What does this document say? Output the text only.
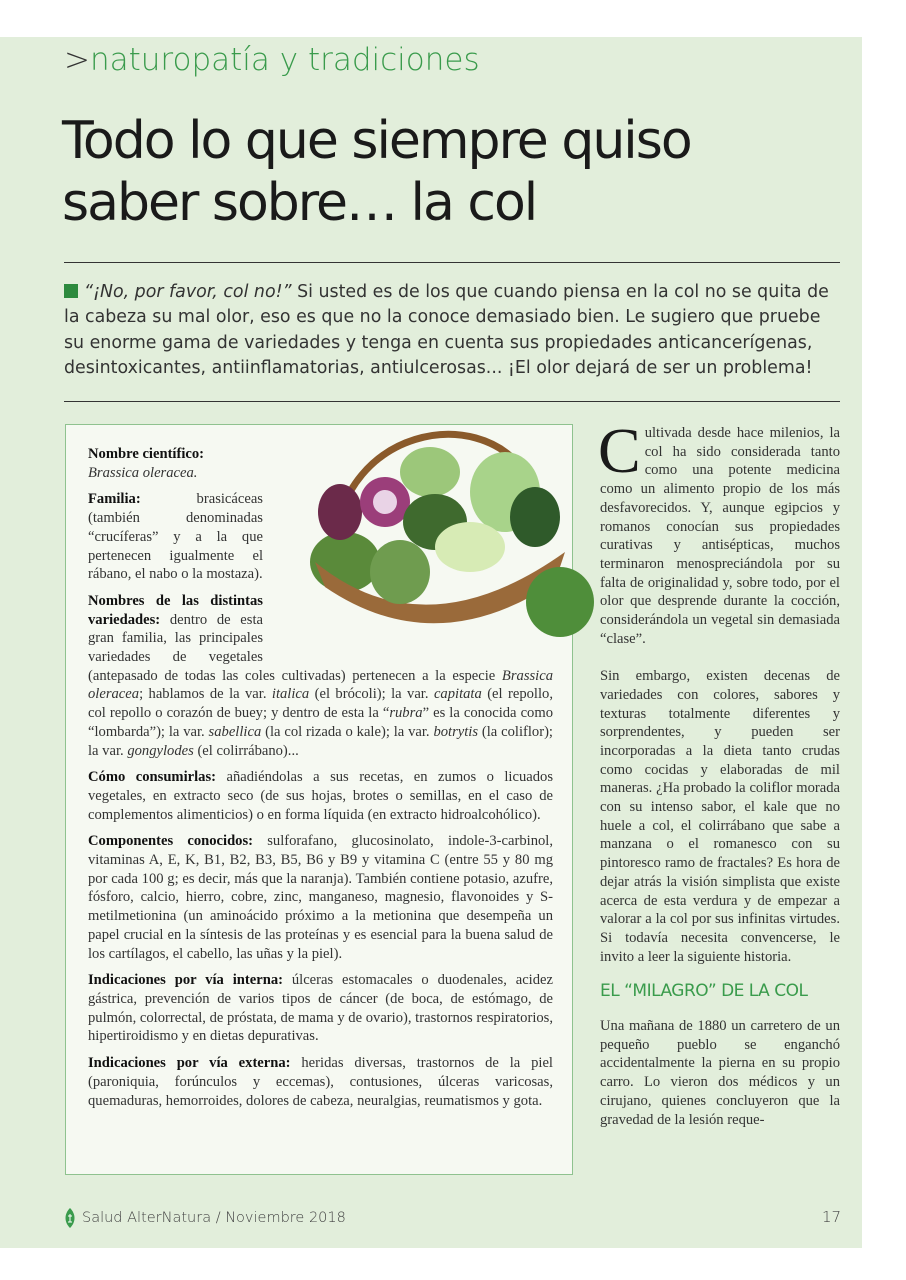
>naturopatía y tradiciones
Todo lo que siempre quiso saber sobre… la col
“¡No, por favor, col no!” Si usted es de los que cuando piensa en la col no se quita de la cabeza su mal olor, eso es que no la conoce demasiado bien. Le sugiero que pruebe su enorme gama de variedades y tenga en cuenta sus propiedades anticancerígenas, desintoxicantes, antiinflamatorias, antiulcerosas... ¡El olor dejará de ser un problema!

Nombre científico:
Brassica oleracea.

Familia: brasicáceas (también denominadas “crucíferas” y a la que pertenecen igualmente el rábano, el nabo o la mostaza).

Nombres de las distintas variedades: dentro de esta gran familia, las principales variedades de vegetales (antepasado de todas las coles cultivadas) pertenecen a la especie Brassica oleracea; hablamos de la var. italica (el brócoli); la var. capitata (el repollo, col repollo o corazón de buey; y dentro de esta la “rubra” es la conocida como “lombarda”); la var. sabellica (la col rizada o kale); la var. botrytis (la coliflor); la var. gongylodes (el colirrábano)...

Cómo consumirlas: añadiéndolas a sus recetas, en zumos o licuados vegetales, en extracto seco (de sus hojas, brotes o semillas, en el caso de complementos alimenticios) o en forma líquida (en extracto hidroalcohólico).

Componentes conocidos: sulforafano, glucosinolato, indole-3-carbinol, vitaminas A, E, K, B1, B2, B3, B5, B6 y B9 y vitamina C (entre 55 y 80 mg por cada 100 g; es decir, más que la naranja). También contiene potasio, azufre, fósforo, calcio, hierro, cobre, zinc, manganeso, magnesio, flavonoides y S-metilmetionina (un aminoácido próximo a la metionina que desempeña un papel crucial en la síntesis de las proteínas y es esencial para la buena salud de los cartílagos, el cabello, las uñas y la piel).

Indicaciones por vía interna: úlceras estomacales o duodenales, acidez gástrica, prevención de varios tipos de cáncer (de boca, de estómago, de pulmón, colorrectal, de próstata, de mama y de ovario), trastornos respiratorios, hipertiroidismo y en dietas depurativas.

Indicaciones por vía externa: heridas diversas, trastornos de la piel (paroniquia, forúnculos y eccemas), contusiones, úlceras varicosas, quemaduras, hemorroides, dolores de cabeza, neuralgias, reumatismos y gota.

Cultivada desde hace milenios, la col ha sido considerada tanto como una potente medicina como un alimento propio de los más desfavorecidos. Y, aunque egipcios y romanos conocían sus propiedades curativas y antisépticas, muchos terminaron menospreciándola por su falta de originalidad y, sobre todo, por el olor que desprende durante la cocción, considerándola un vegetal sin demasiada “clase”.

Sin embargo, existen decenas de variedades con colores, sabores y texturas totalmente diferentes y sorprendentes, y pueden ser incorporadas a la dieta tanto crudas como cocidas y elaboradas de mil maneras. ¿Ha probado la coliflor morada con su intenso sabor, el kale que no huele a col, el colirrábano que sabe a manzana o el romanesco con su pintoresco ramo de fractales? Es hora de dejar atrás la visión simplista que existe acerca de esta verdura y de empezar a valorar a la col por sus infinitas virtudes. Si todavía necesita convencerse, le invito a leer la siguiente historia.

EL “MILAGRO” DE LA COL

Una mañana de 1880 un carretero de un pequeño pueblo se enganchó accidentalmente la pierna en su propio carro. Lo vieron dos médicos y un cirujano, quienes concluyeron que la gravedad de la lesión reque-

Salud AlterNatura / Noviembre 2018	17
